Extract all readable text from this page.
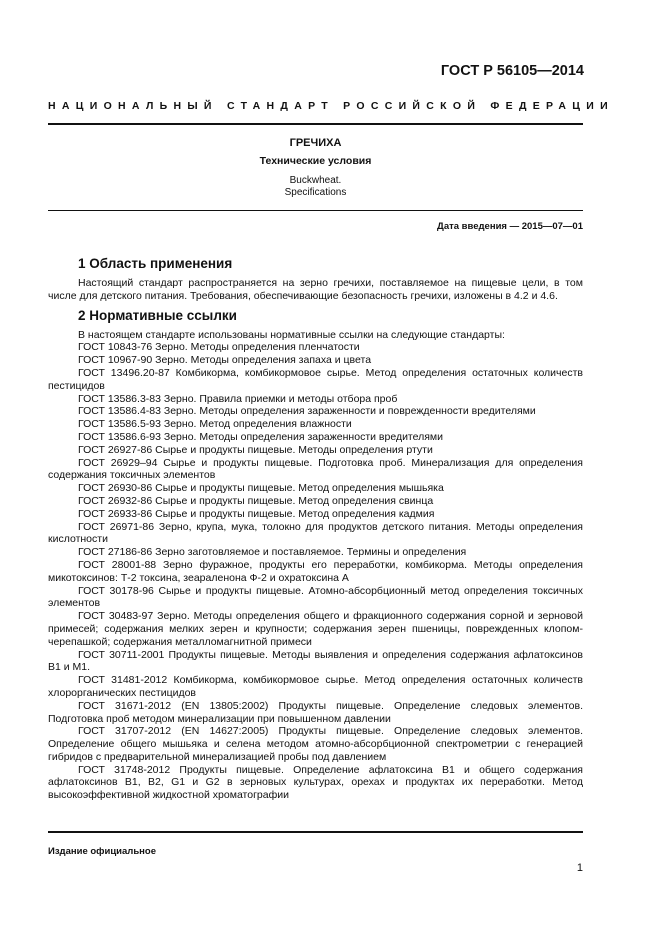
ГОСТ Р 56105—2014
НАЦИОНАЛЬНЫЙ СТАНДАРТ РОССИЙСКОЙ ФЕДЕРАЦИИ
ГРЕЧИХА
Технические условия
Buckwheat.
Specifications
Дата введения — 2015—07—01
1 Область применения

Настоящий стандарт распространяется на зерно гречихи, поставляемое на пищевые цели, в том числе для детского питания. Требования, обеспечивающие безопасность гречихи, изложены в 4.2 и 4.6.

2 Нормативные ссылки

В настоящем стандарте использованы нормативные ссылки на следующие стандарты:

ГОСТ 10843-76 Зерно. Методы определения пленчатости
ГОСТ 10967-90 Зерно. Методы определения запаха и цвета
ГОСТ 13496.20-87 Комбикорма, комбикормовое сырье. Метод определения остаточных количеств пестицидов
ГОСТ 13586.3-83 Зерно. Правила приемки и методы отбора проб
ГОСТ 13586.4-83 Зерно. Методы определения зараженности и поврежденности вредителями
ГОСТ 13586.5-93 Зерно. Метод определения влажности
ГОСТ 13586.6-93 Зерно. Методы определения зараженности вредителями
ГОСТ 26927-86 Сырье и продукты пищевые. Методы определения ртути
ГОСТ 26929–94 Сырье и продукты пищевые. Подготовка проб. Минерализация для определения содержания токсичных элементов
ГОСТ 26930-86 Сырье и продукты пищевые. Метод определения мышьяка
ГОСТ 26932-86 Сырье и продукты пищевые. Метод определения свинца
ГОСТ 26933-86 Сырье и продукты пищевые. Метод определения кадмия
ГОСТ 26971-86 Зерно, крупа, мука, толокно для продуктов детского питания. Методы определения кислотности
ГОСТ 27186-86 Зерно заготовляемое и поставляемое. Термины и определения
ГОСТ 28001-88 Зерно фуражное, продукты его переработки, комбикорма. Методы определения микотоксинов: Т-2 токсина, зеараленона Ф-2 и охратоксина А
ГОСТ 30178-96 Сырье и продукты пищевые. Атомно-абсорбционный метод определения токсичных элементов
ГОСТ 30483-97 Зерно. Методы определения общего и фракционного содержания сорной и зерновой примесей; содержания мелких зерен и крупности; содержания зерен пшеницы, поврежденных клопом-черепашкой; содержания металломагнитной примеси
ГОСТ 30711-2001 Продукты пищевые. Методы выявления и определения содержания афлатоксинов В1 и М1.
ГОСТ 31481-2012 Комбикорма, комбикормовое сырье. Метод определения остаточных количеств хлорорганических пестицидов
ГОСТ 31671-2012 (EN 13805:2002) Продукты пищевые. Определение следовых элементов. Подготовка проб методом минерализации при повышенном давлении
ГОСТ 31707-2012 (EN 14627:2005) Продукты пищевые. Определение следовых элементов. Определение общего мышьяка и селена методом атомно-абсорбционной спектрометрии с генерацией гибридов с предварительной минерализацией пробы под давлением
ГОСТ 31748-2012 Продукты пищевые. Определение афлатоксина В1 и общего содержания афлатоксинов В1, В2, G1 и G2 в зерновых культурах, орехах и продуктах их переработки. Метод высокоэффективной жидкостной хроматографии
Издание официальное
1
